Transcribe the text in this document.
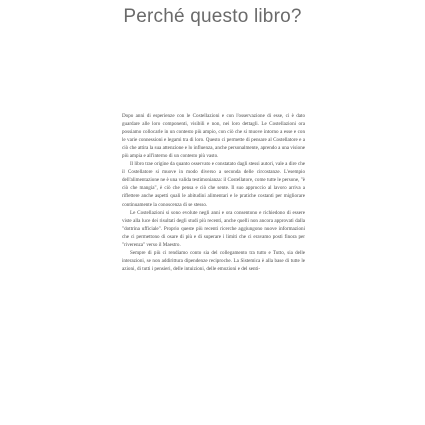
Perché questo libro?

Dopo anni di esperienze con le Costellazioni e con l'osservazione di esse, ci è dato guardare alle loro componenti, visibili e non, nei loro dettagli. Le Costellazioni ora possiamo collocarle in un contesto più ampio, con ciò che si muove intorno a esse e con le varie connessioni e legami tra di loro. Questo ci permette di pensare al Costellatore e a ciò che attira la sua attenzione e lo influenza, anche personalmente, aprendo a una visione più ampia e all'interno di un contesto più vasto.

Il libro trae origine da quanto osservato e constatato dagli stessi autori, vale a dire che il Costellatore si muove in modo diverso a seconda delle circostanze. L'esempio dell'alimentazione ne è una valida testimonianza: il Costellatore, come tutte le persone, "è ciò che mangia", è ciò che pensa e ciò che sente. Il suo approccio al lavoro arriva a riflettere anche aspetti quali le abitudini alimentari e le pratiche costanti per migliorare continuamente la conoscenza di se stesso.

Le Costellazioni si sono evolute negli anni e ora consentono e richiedono di essere viste alla luce dei risultati degli studi più recenti, anche quelli non ancora approvati dalla "dottrina ufficiale". Proprio queste più recenti ricerche aggiungono nuove informazioni che ci permettono di osare di più e di superare i limiti che ci eravamo posti finora per "riverenza" verso il Maestro.

Sempre di più ci rendiamo conto sia del collegamento tra tutto e Tutto, sia delle interazioni, se non addirittura dipendenze reciproche. La Sistemica è alla base di tutte le azioni, di tutti i pensieri, delle intuizioni, delle emozioni e del senti-
